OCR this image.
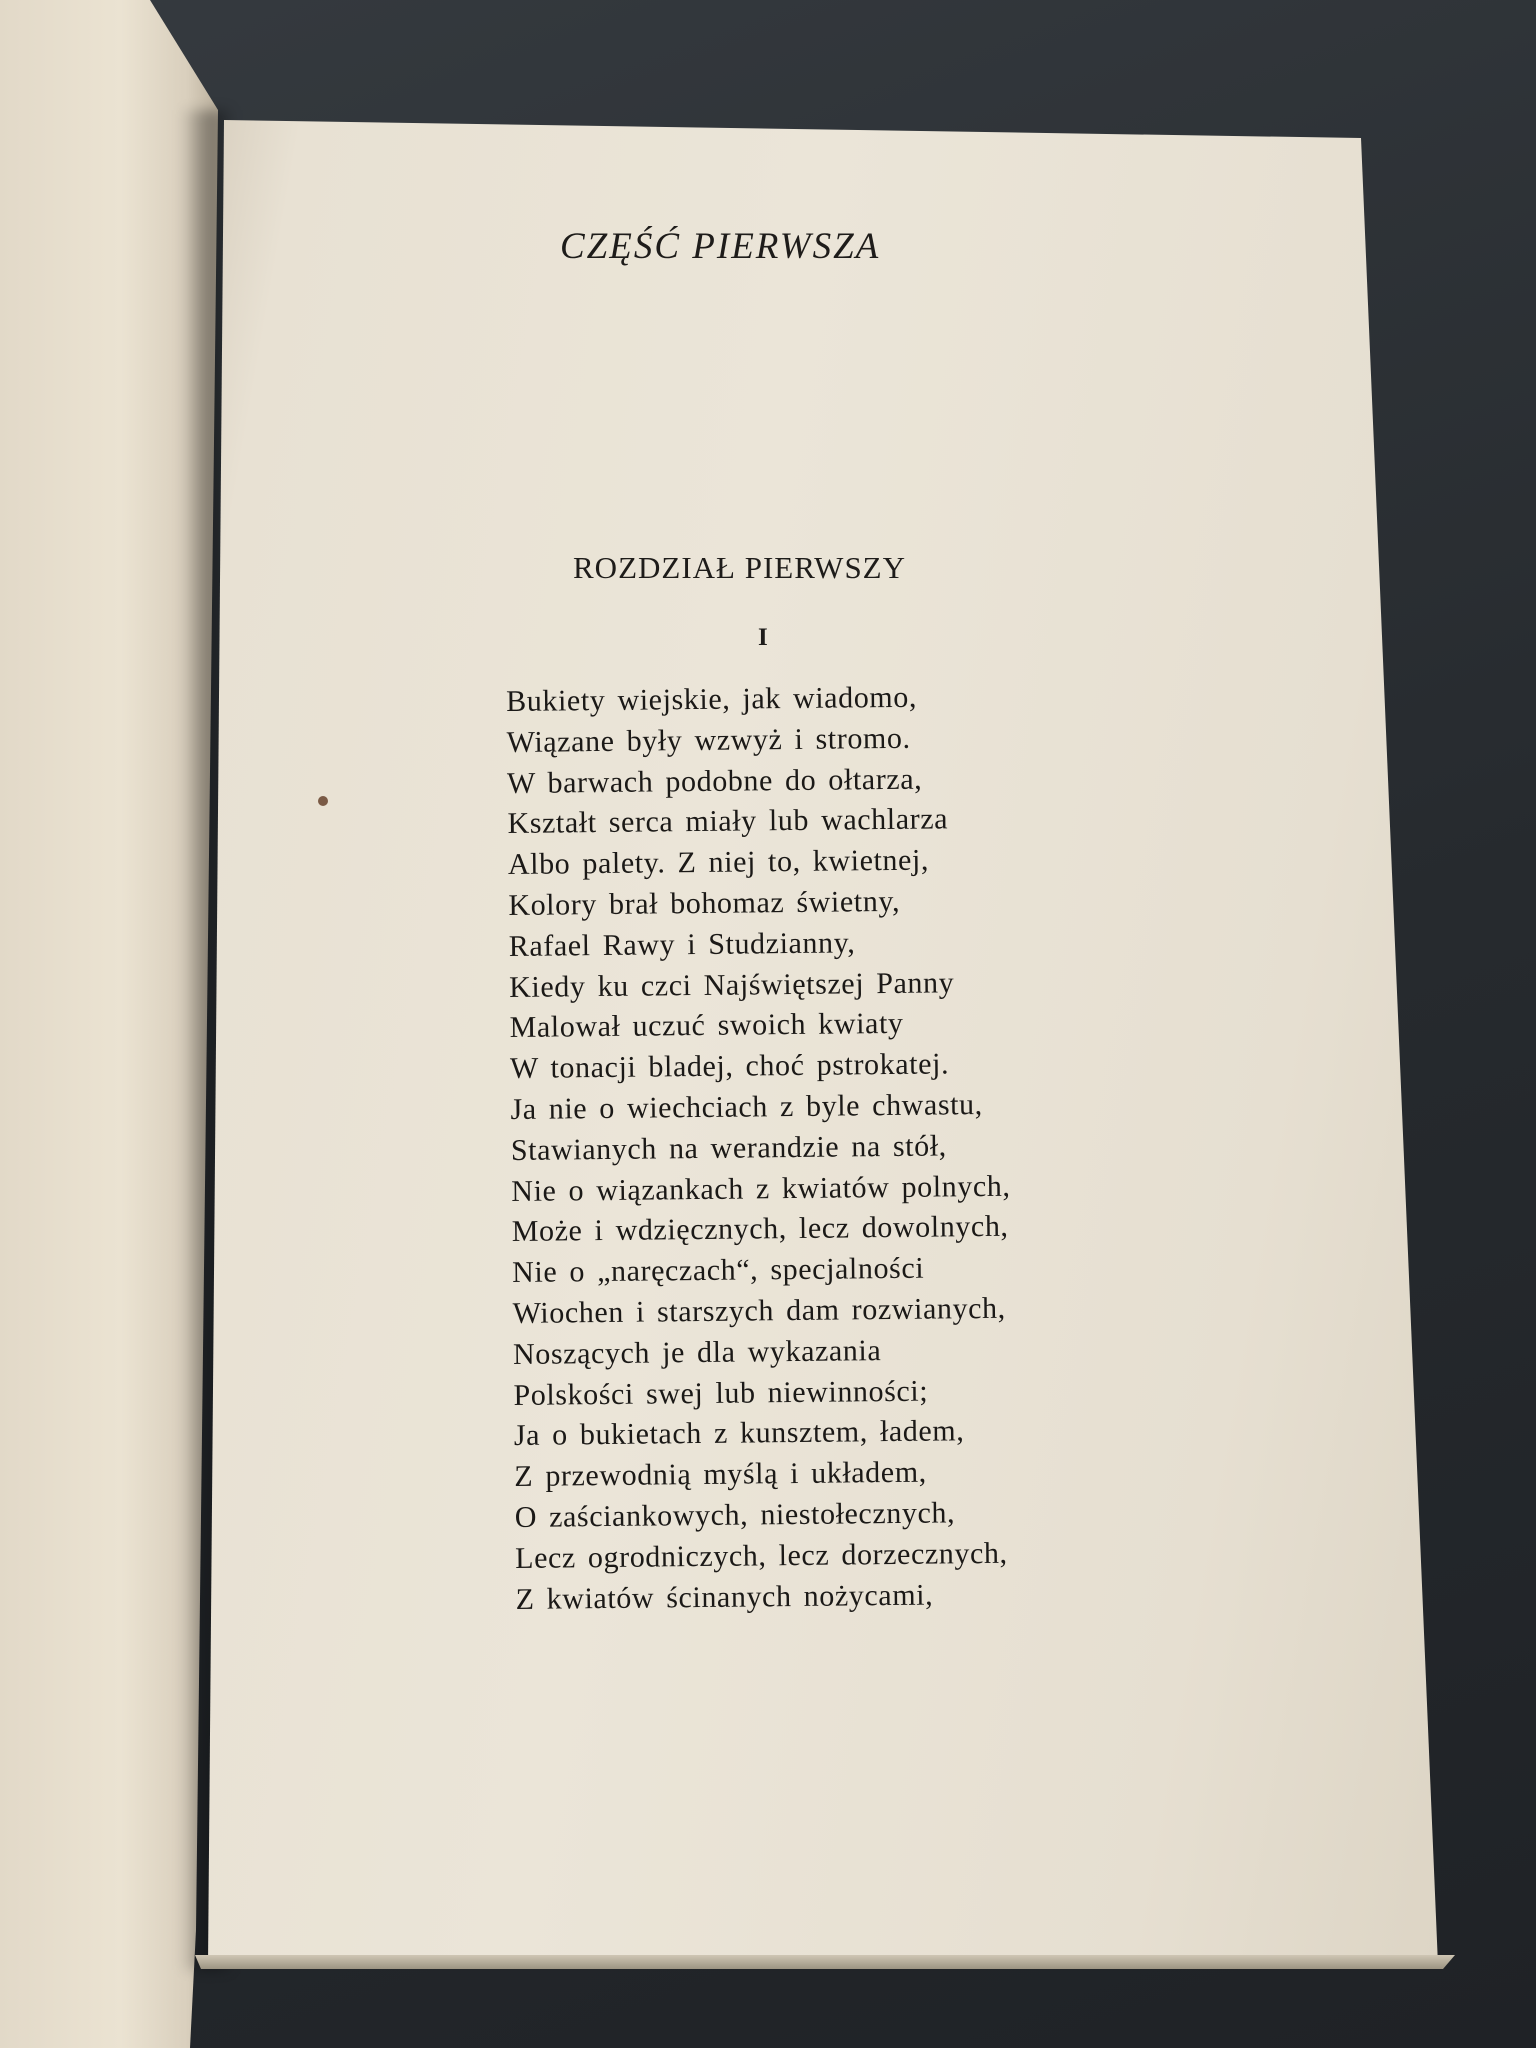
CZĘŚĆ PIERWSZA
ROZDZIAŁ PIERWSZY
I
Bukiety wiejskie, jak wiadomo,
Wiązane były wzwyż i stromo.
W barwach podobne do ołtarza,
Kształt serca miały lub wachlarza
Albo palety. Z niej to, kwietnej,
Kolory brał bohomaz świetny,
Rafael Rawy i Studzianny,
Kiedy ku czci Najświętszej Panny
Malował uczuć swoich kwiaty
W tonacji bladej, choć pstrokatej.
Ja nie o wiechciach z byle chwastu,
Stawianych na werandzie na stół,
Nie o wiązankach z kwiatów polnych,
Może i wdzięcznych, lecz dowolnych,
Nie o „naręczach“, specjalności
Wiochen i starszych dam rozwianych,
Noszących je dla wykazania
Polskości swej lub niewinności;
Ja o bukietach z kunsztem, ładem,
Z przewodnią myślą i układem,
O zaściankowych, niestołecznych,
Lecz ogrodniczych, lecz dorzecznych,
Z kwiatów ścinanych nożycami,
